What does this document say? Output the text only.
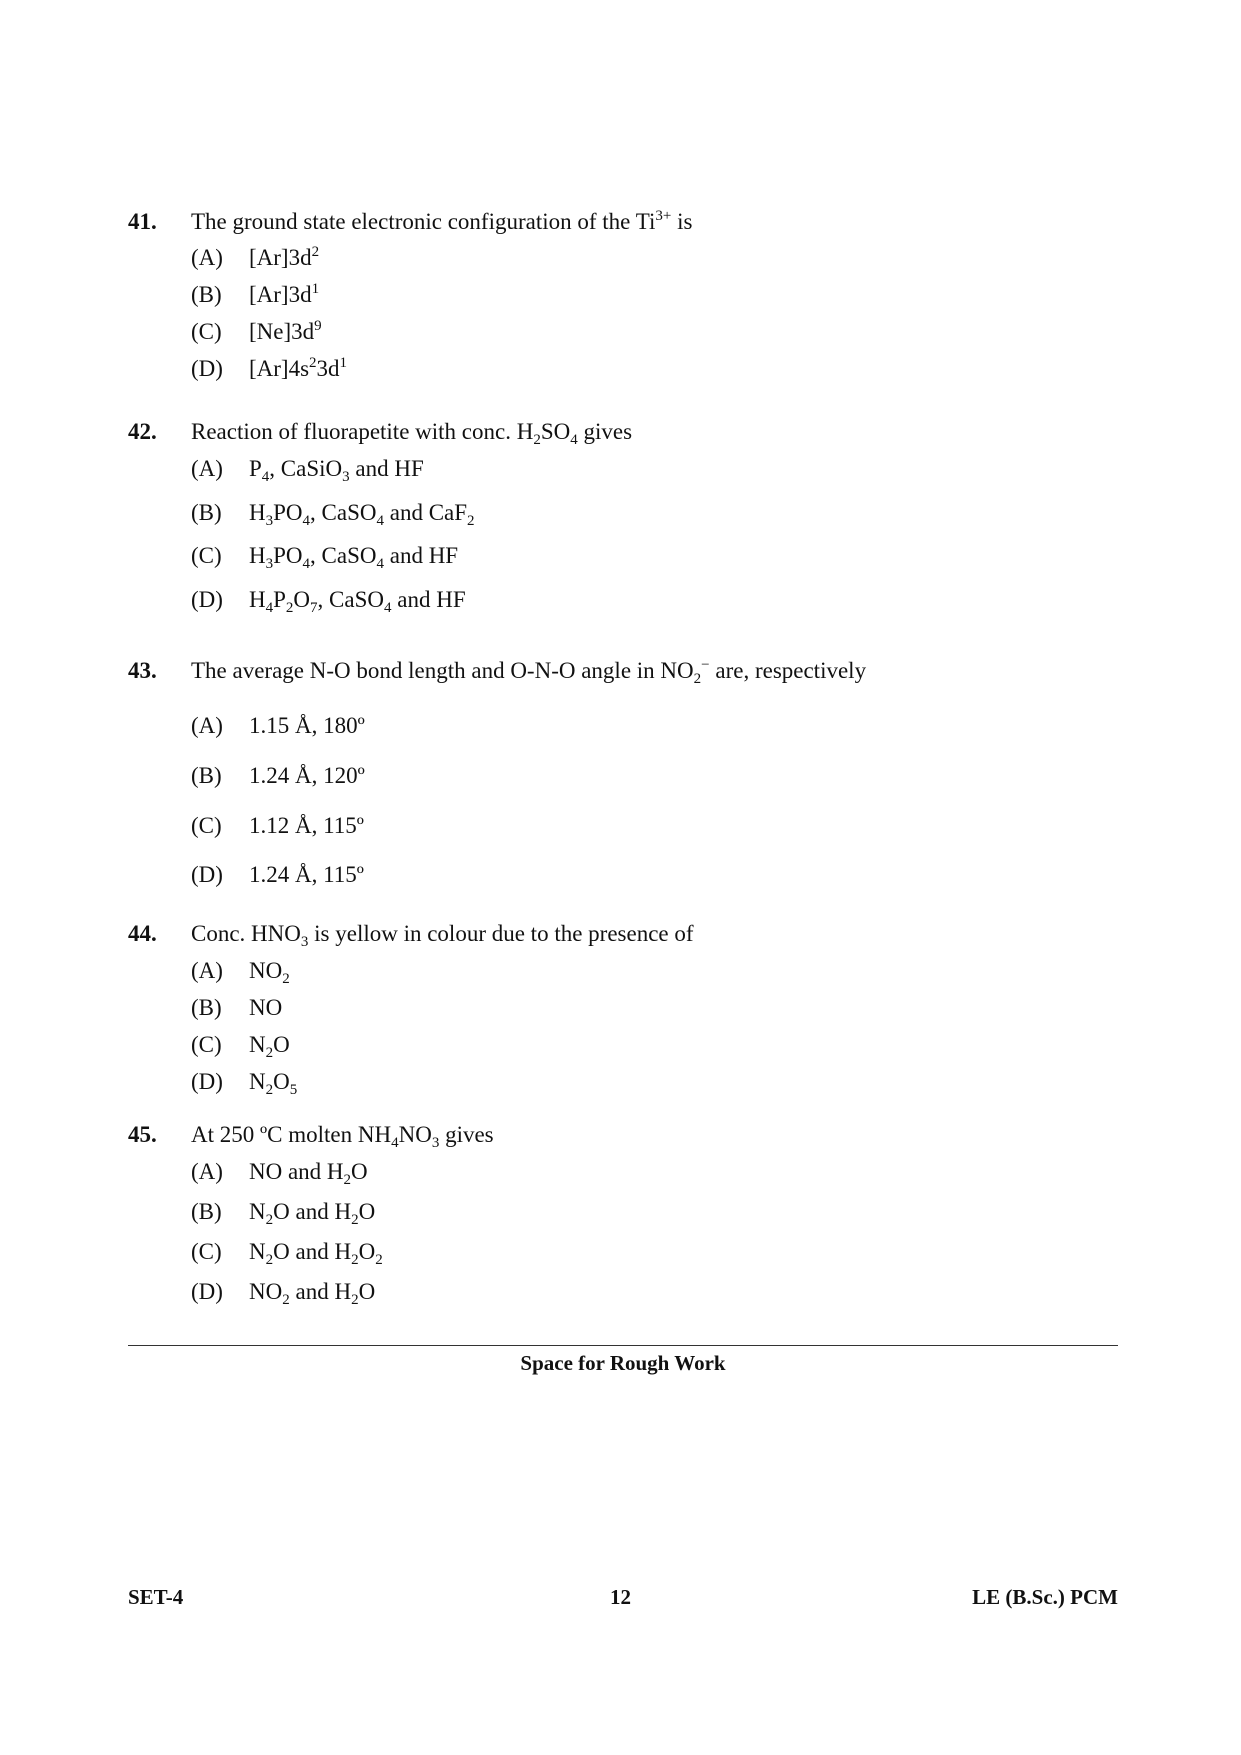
41. The ground state electronic configuration of the $Ti^{3+}$ is
(A) $[Ar]3d^2$
(B) $[Ar]3d^1$
(C) $[Ne]3d^9$
(D) $[Ar]4s^23d^1$
42. Reaction of fluorapetite with conc. $H_2SO_4$ gives
(A) $P_4$, CaSiO$_3$ and HF
(B) $H_3PO_4$, CaSO$_4$ and CaF$_2$
(C) $H_3PO_4$, CaSO$_4$ and HF
(D) $H_4P_2O_7$, CaSO$_4$ and HF
43. The average N-O bond length and O-N-O angle in $NO_2^-$ are, respectively
(A) 1.15 Å, 180º
(B) 1.24 Å, 120º
(C) 1.12 Å, 115º
(D) 1.24 Å, 115º
44. Conc. $HNO_3$ is yellow in colour due to the presence of
(A) $NO_2$
(B) NO
(C) $N_2O$
(D) $N_2O_5$
45. At 250 ºC molten $NH_4NO_3$ gives
(A) NO and $H_2O$
(B) $N_2O$ and $H_2O$
(C) $N_2O$ and $H_2O_2$
(D) $NO_2$ and $H_2O$
Space for Rough Work
SET-4	12	LE (B.Sc.) PCM
